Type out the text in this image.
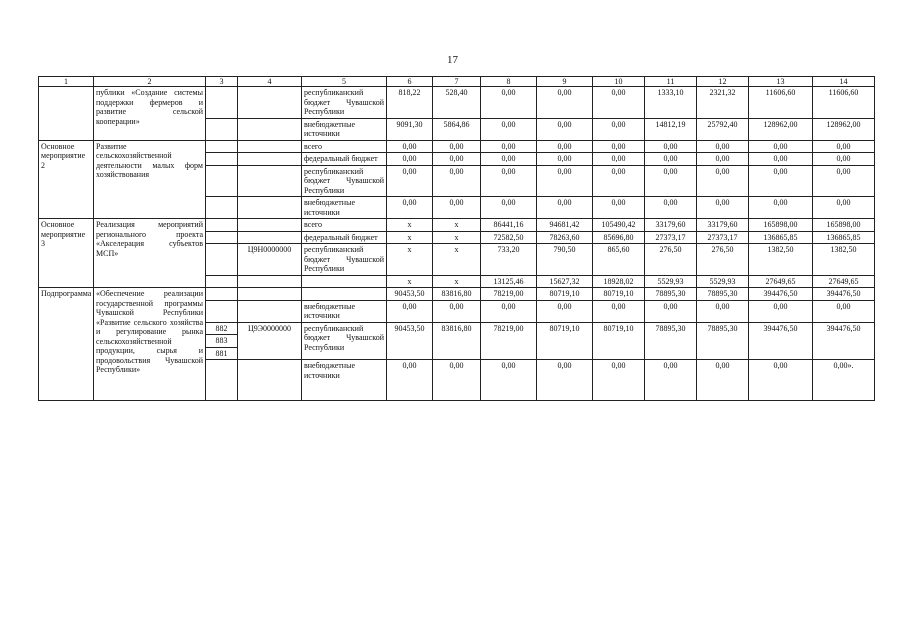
17
1	2	3	4	5	6	7	8	9	10	11	12	13	14
	публики «Создание системы поддержки фермеров и развитие сельской кооперации»			республиканский бюджет Чувашской Республики	818,22	528,40	0,00	0,00	0,00	1333,10	2321,32	11606,60	11606,60
				внебюджетные источники	9091,30	5864,86	0,00	0,00	0,00	14812,19	25792,40	128962,00	128962,00
Основное мероприятие 2	Развитие сельскохозяйственной деятельности малых форм хозяйствования			всего	0,00	0,00	0,00	0,00	0,00	0,00	0,00	0,00	0,00
				федеральный бюджет	0,00	0,00	0,00	0,00	0,00	0,00	0,00	0,00	0,00
				республиканский бюджет Чувашской Республики	0,00	0,00	0,00	0,00	0,00	0,00	0,00	0,00	0,00
				внебюджетные источники	0,00	0,00	0,00	0,00	0,00	0,00	0,00	0,00	0,00
Основное мероприятие 3	Реализация мероприятий регионального проекта «Акселерация субъектов МСП»			всего	х	х	86441,16	94681,42	105490,42	33179,60	33179,60	165898,00	165898,00
				федеральный бюджет	х	х	72582,50	78263,60	85696,80	27373,17	27373,17	136865,85	136865,85
			Ц9Н0000000	республиканский бюджет Чувашской Республики	х	х	733,20	790,50	865,60	276,50	276,50	1382,50	1382,50
					х	х	13125,46	15627,32	18928,02	5529,93	5529,93	27649,65	27649,65
Подпрограмма	«Обеспечение реализации государственной программы Чувашской Республики «Развитие сельского хозяйства и регулирование рынка сельскохозяйственной продукции, сырья и продовольствия Чувашской Республики»				90453,50	83816,80	78219,00	80719,10	80719,10	78895,30	78895,30	394476,50	394476,50
				внебюджетные источники	0,00	0,00	0,00	0,00	0,00	0,00	0,00	0,00	0,00
		882	Ц9Э0000000	республиканский бюджет Чувашской Республики	90453,50	83816,80	78219,00	80719,10	80719,10	78895,30	78895,30	394476,50	394476,50
		883											
		881											
				внебюджетные источники	0,00	0,00	0,00	0,00	0,00	0,00	0,00	0,00	0,00».
